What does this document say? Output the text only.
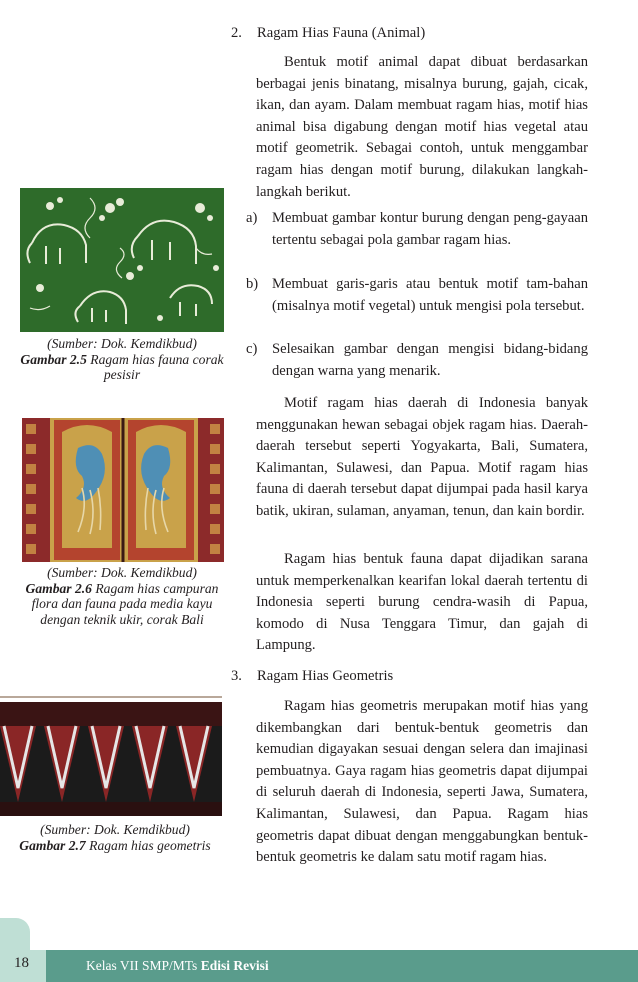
2. Ragam Hias Fauna (Animal)

Bentuk motif animal dapat dibuat berdasarkan berbagai jenis binatang, misalnya burung, gajah, cicak, ikan, dan ayam. Dalam membuat ragam hias, motif hias animal bisa digabung dengan motif hias vegetal atau motif geometrik. Sebagai contoh, untuk menggambar ragam hias dengan motif burung, dilakukan langkah-langkah berikut.

a)	Membuat gambar kontur burung dengan peng-gayaan tertentu sebagai pola gambar ragam hias.

b) Membuat garis-garis atau bentuk motif tam-bahan (misalnya motif vegetal) untuk mengisi pola tersebut.

c)	Selesaikan gambar dengan mengisi bidang-bidang dengan warna yang menarik.

Motif ragam hias daerah di Indonesia banyak menggunakan hewan sebagai objek ragam hias. Daerah-daerah tersebut seperti Yogyakarta, Bali, Sumatera, Kalimantan, Sulawesi, dan Papua. Motif ragam hias fauna di daerah tersebut dapat dijumpai pada hasil karya batik, ukiran, sulaman, anyaman, tenun, dan kain bordir.

Ragam hias bentuk fauna dapat dijadikan sarana untuk memperkenalkan kearifan lokal daerah tertentu di Indonesia seperti burung cendra-wasih di Papua, komodo di Nusa Tenggara Timur, dan gajah di Lampung.

3. Ragam Hias Geometris

Ragam hias geometris merupakan motif hias yang dikembangkan dari bentuk-bentuk geometris dan kemudian digayakan sesuai dengan selera dan imajinasi pembuatnya. Gaya ragam hias geometris dapat dijumpai di seluruh daerah di Indonesia, seperti Jawa, Sumatera, Kalimantan, Sulawesi, dan Papua. Ragam hias geometris dapat dibuat dengan menggabungkan bentuk-bentuk geometris ke dalam satu motif ragam hias.

(Sumber: Dok. Kemdikbud)
Gambar 2.5 Ragam hias fauna corak pesisir
(Sumber: Dok. Kemdikbud)
Gambar 2.6 Ragam hias campuran flora dan fauna pada media kayu dengan teknik ukir, corak Bali
(Sumber: Dok. Kemdikbud)
Gambar 2.7 Ragam hias geometris
18	Kelas VII SMP/MTs Edisi Revisi
